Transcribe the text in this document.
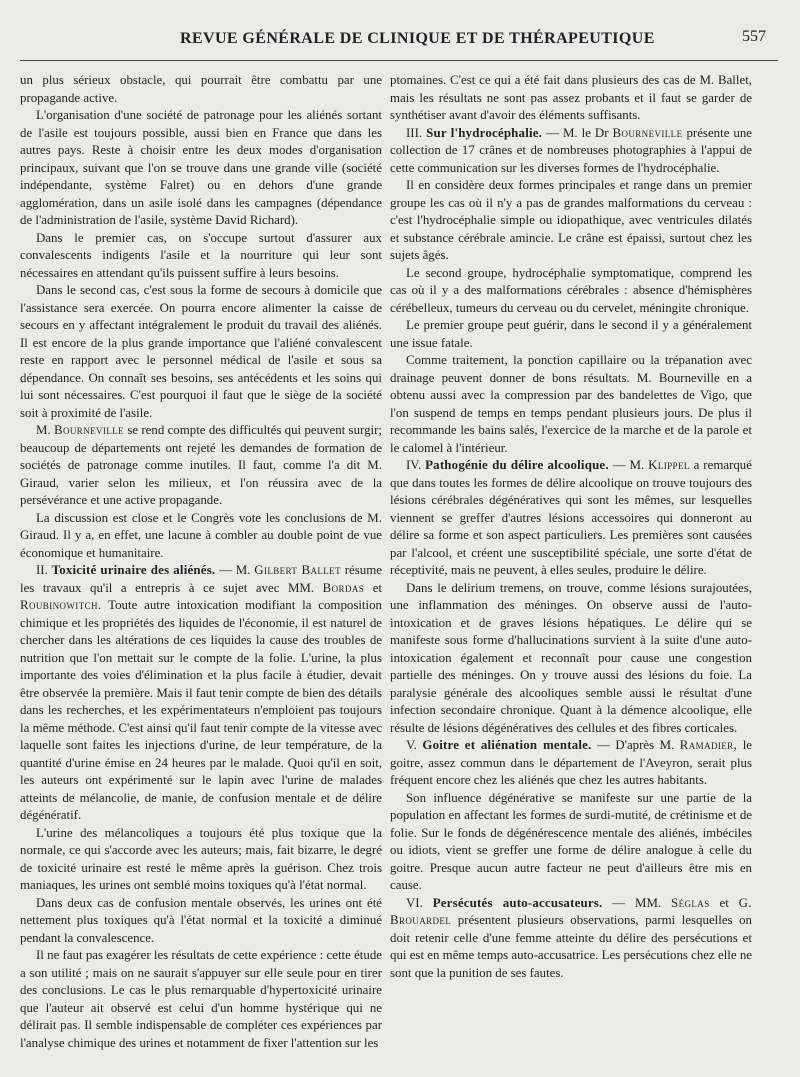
REVUE GÉNÉRALE DE CLINIQUE ET DE THÉRAPEUTIQUE	557

un plus sérieux obstacle, qui pourrait être combattu par une propagande active.

L'organisation d'une société de patronage pour les aliénés sortant de l'asile est toujours possible, aussi bien en France que dans les autres pays. Reste à choisir entre les deux modes d'organisation principaux, suivant que l'on se trouve dans une grande ville (société indépendante, système Falret) ou en dehors d'une grande agglomération, dans un asile isolé dans les campagnes (dépendance de l'administration de l'asile, système David Richard).

Dans le premier cas, on s'occupe surtout d'assurer aux convalescents indigents l'asile et la nourriture qui leur sont nécessaires en attendant qu'ils puissent suffire à leurs besoins.

Dans le second cas, c'est sous la forme de secours à domicile que l'assistance sera exercée. On pourra encore alimenter la caisse de secours en y affectant intégralement le produit du travail des aliénés. Il est encore de la plus grande importance que l'aliéné convalescent reste en rapport avec le personnel médical de l'asile et sous sa dépendance. On connaît ses besoins, ses antécédents et les soins qui lui sont nécessaires. C'est pourquoi il faut que le siège de la société soit à proximité de l'asile.

M. Bourneville se rend compte des difficultés qui peuvent surgir; beaucoup de départements ont rejeté les demandes de formation de sociétés de patronage comme inutiles. Il faut, comme l'a dit M. Giraud, varier selon les milieux, et l'on réussira avec de la persévérance et une active propagande.

La discussion est close et le Congrès vote les conclusions de M. Giraud. Il y a, en effet, une lacune à combler au double point de vue économique et humanitaire.

II. Toxicité urinaire des aliénés. — M. Gilbert Ballet résume les travaux qu'il a entrepris à ce sujet avec MM. Bordas et Roubinowitch. Toute autre intoxication modifiant la composition chimique et les propriétés des liquides de l'économie, il est naturel de chercher dans les altérations de ces liquides la cause des troubles de nutrition que l'on mettait sur le compte de la folie. L'urine, la plus importante des voies d'élimination et la plus facile à étudier, devait être observée la première. Mais il faut tenir compte de bien des détails dans les recherches, et les expérimentateurs n'emploient pas toujours la même méthode. C'est ainsi qu'il faut tenir compte de la vitesse avec laquelle sont faites les injections d'urine, de leur température, de la quantité d'urine émise en 24 heures par le malade. Quoi qu'il en soit, les auteurs ont expérimenté sur le lapin avec l'urine de malades atteints de mélancolie, de manie, de confusion mentale et de délire dégénératif.

L'urine des mélancoliques a toujours été plus toxique que la normale, ce qui s'accorde avec les auteurs; mais, fait bizarre, le degré de toxicité urinaire est resté le même après la guérison. Chez trois maniaques, les urines ont semblé moins toxiques qu'à l'état normal.

Dans deux cas de confusion mentale observés, les urines ont été nettement plus toxiques qu'à l'état normal et la toxicité a diminué pendant la convalescence.

Il ne faut pas exagérer les résultats de cette expérience : cette étude a son utilité ; mais on ne saurait s'appuyer sur elle seule pour en tirer des conclusions. Le cas le plus remarquable d'hypertoxicité urinaire que l'auteur ait observé est celui d'un homme hystérique qui ne délirait pas. Il semble indispensable de compléter ces expériences par l'analyse chimique des urines et notamment de fixer l'attention sur les

ptomaines. C'est ce qui a été fait dans plusieurs des cas de M. Ballet, mais les résultats ne sont pas assez probants et il faut se garder de synthétiser avant d'avoir des éléments suffisants.

III. Sur l'hydrocéphalie. — M. le Dr Bourneville présente une collection de 17 crânes et de nombreuses photographies à l'appui de cette communication sur les diverses formes de l'hydrocéphalie.

Il en considère deux formes principales et range dans un premier groupe les cas où il n'y a pas de grandes malformations du cerveau : c'est l'hydrocéphalie simple ou idiopathique, avec ventricules dilatés et substance cérébrale amincie. Le crâne est épaissi, surtout chez les sujets âgés.

Le second groupe, hydrocéphalie symptomatique, comprend les cas où il y a des malformations cérébrales : absence d'hémisphères cérébelleux, tumeurs du cerveau ou du cervelet, méningite chronique.

Le premier groupe peut guérir, dans le second il y a généralement une issue fatale.

Comme traitement, la ponction capillaire ou la trépanation avec drainage peuvent donner de bons résultats. M. Bourneville en a obtenu aussi avec la compression par des bandelettes de Vigo, que l'on suspend de temps en temps pendant plusieurs jours. De plus il recommande les bains salés, l'exercice de la marche et de la parole et le calomel à l'intérieur.

IV. Pathogénie du délire alcoolique. — M. Klippel a remarqué que dans toutes les formes de délire alcoolique on trouve toujours des lésions cérébrales dégénératives qui sont les mêmes, sur lesquelles viennent se greffer d'autres lésions accessoires qui donneront au délire sa forme et son aspect particuliers. Les premières sont causées par l'alcool, et créent une susceptibilité spéciale, une sorte d'état de réceptivité, mais ne peuvent, à elles seules, produire le délire.

Dans le delirium tremens, on trouve, comme lésions surajoutées, une inflammation des méninges. On observe aussi de l'auto-intoxication et de graves lésions hépatiques. Le délire qui se manifeste sous forme d'hallucinations survient à la suite d'une auto-intoxication également et reconnaît pour cause une congestion partielle des méninges. On y trouve aussi des lésions du foie. La paralysie générale des alcooliques semble aussi le résultat d'une infection secondaire chronique. Quant à la démence alcoolique, elle résulte de lésions dégénératives des cellules et des fibres corticales.

V. Goitre et aliénation mentale. — D'après M. Ramadier, le goitre, assez commun dans le département de l'Aveyron, serait plus fréquent encore chez les aliénés que chez les autres habitants.

Son influence dégénérative se manifeste sur une partie de la population en affectant les formes de surdi-mutité, de crétinisme et de folie. Sur le fonds de dégénérescence mentale des aliénés, imbéciles ou idiots, vient se greffer une forme de délire analogue à celle du goitre. Presque aucun autre facteur ne peut d'ailleurs être mis en cause.

VI. Persécutés auto-accusateurs. — MM. Séglas et G. Brouardel présentent plusieurs observations, parmi lesquelles on doit retenir celle d'une femme atteinte du délire des persécutions et qui est en même temps auto-accusatrice. Les persécutions chez elle ne sont que la punition de ses fautes.
